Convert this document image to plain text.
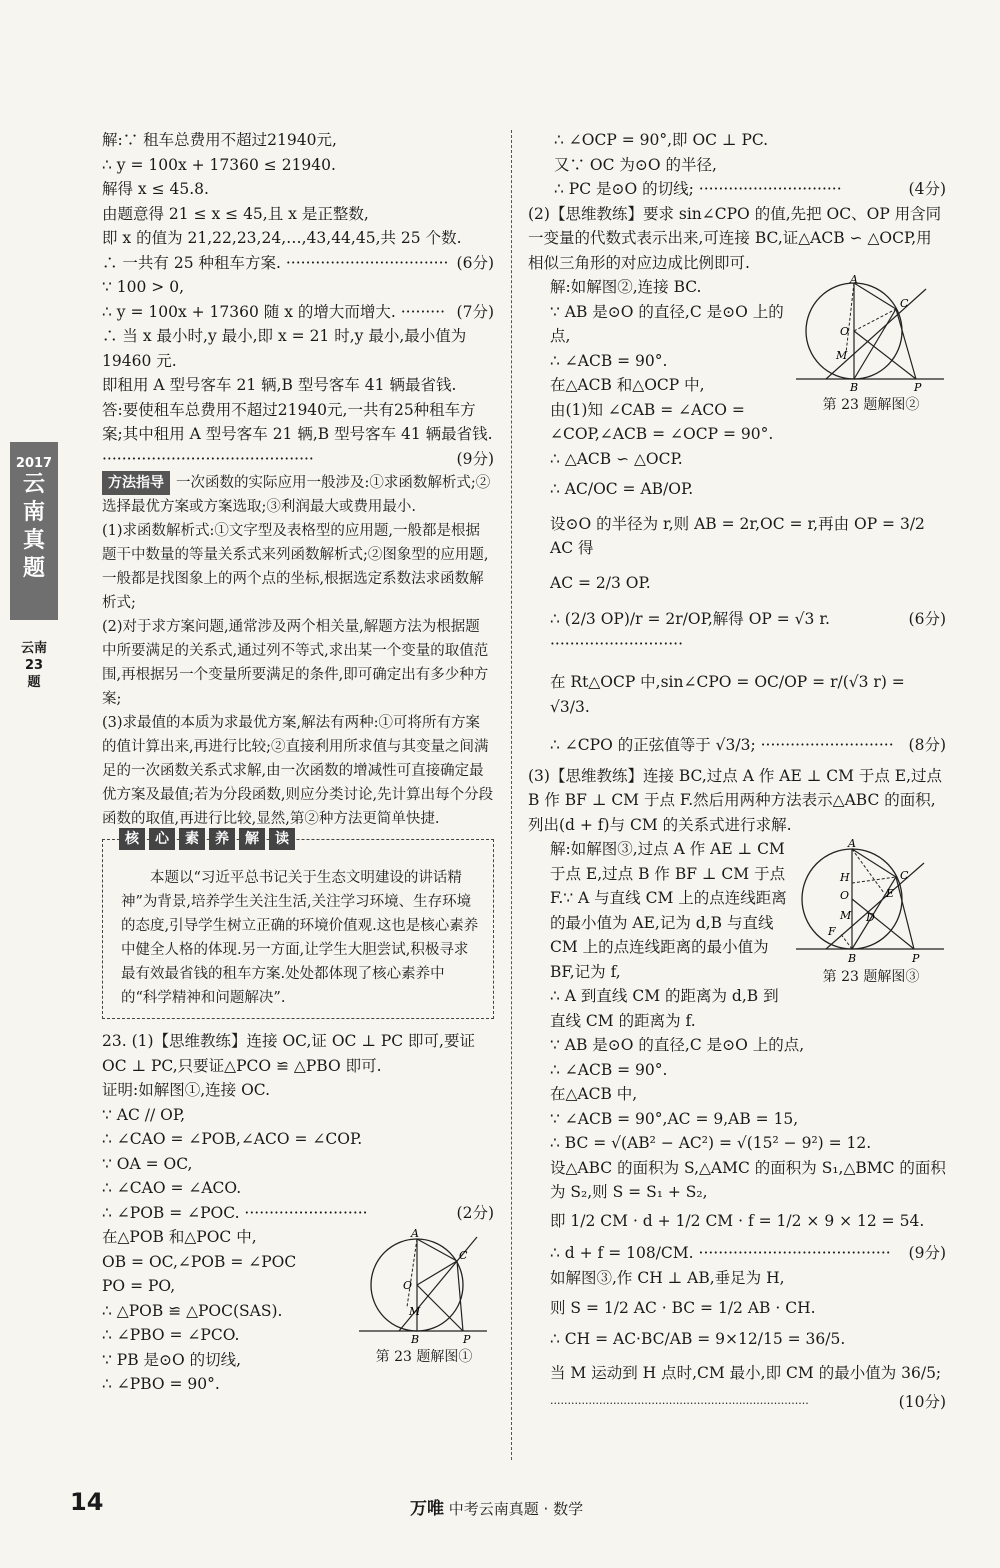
2017
云
南
真
题
云南
23
题

解:∵ 租车总费用不超过21940元,

∴ y = 100x + 17360 ≤ 21940.

解得 x ≤ 45.8.

由题意得 21 ≤ x ≤ 45,且 x 是正整数,

即 x 的值为 21,22,23,24,…,43,44,45,共 25 个数.

(6分)
∴ 一共有 25 种租车方案. ·································

∵ 100 > 0,

(7分)
∴ y = 100x + 17360 随 x 的增大而增大. ·········

∴ 当 x 最小时,y 最小,即 x = 21 时,y 最小,最小值为 19460 元.

即租用 A 型号客车 21 辆,B 型号客车 41 辆最省钱.

答:要使租车总费用不超过21940元,一共有25种租车方案;其中租用 A 型号客车 21 辆,B 型号客车 41 辆最省钱. ···········································	(9分)

方法指导 一次函数的实际应用一般涉及:①求函数解析式;②选择最优方案或方案选取;③利润最大或费用最小.

(1)求函数解析式:①文字型及表格型的应用题,一般都是根据题干中数量的等量关系式来列函数解析式;②图象型的应用题,一般都是找图象上的两个点的坐标,根据选定系数法求函数解析式;

(2)对于求方案问题,通常涉及两个相关量,解题方法为根据题中所要满足的关系式,通过列不等式,求出某一个变量的取值范围,再根据另一个变量所要满足的条件,即可确定出有多少种方案;

(3)求最值的本质为求最优方案,解法有两种:①可将所有方案的值计算出来,再进行比较;②直接利用所求值与其变量之间满足的一次函数关系式求解,由一次函数的增减性可直接确定最优方案及最值;若为分段函数,则应分类讨论,先计算出每个分段函数的取值,再进行比较,显然,第②种方法更简单快捷.

核	心	素	养	解	读

本题以“习近平总书记关于生态文明建设的讲话精神”为背景,培养学生关注生活,关注学习环境、生存环境的态度,引导学生树立正确的环境价值观.这也是核心素养中健全人格的体现.另一方面,让学生大胆尝试,积极寻求最有效最省钱的租车方案.处处都体现了核心素养中的“科学精神和问题解决”.

23. (1)【思维教练】连接 OC,证 OC ⊥ PC 即可,要证 OC ⊥ PC,只要证△PCO ≌ △PBO 即可.

证明:如解图①,连接 OC.

∵ AC // OP,

∴ ∠CAO = ∠POB,∠ACO = ∠COP.

∵ OA = OC,

∴ ∠CAO = ∠ACO.

(2分)
∴ ∠POB = ∠POC. ·························

A
C
O
M
B	P
第 23 题解图①

在△POB 和△POC 中,

OB = OC,∠POB = ∠POC

PO = PO,

∴ △POB ≌ △POC(SAS).

∴ ∠PBO = ∠PCO.

∵ PB 是⊙O 的切线,

∴ ∠PBO = 90°.

∴ ∠OCP = 90°,即 OC ⊥ PC.

又∵ OC 为⊙O 的半径,

(4分)
∴ PC 是⊙O 的切线; ·····························

(2)【思维教练】要求 sin∠CPO 的值,先把 OC、OP 用含同一变量的代数式表示出来,可连接 BC,证△ACB ∽ △OCP,用相似三角形的对应边成比例即可.

A
C
O
M
B	P
第 23 题解图②

解:如解图②,连接 BC.

∵ AB 是⊙O 的直径,C 是⊙O 上的点,

∴ ∠ACB = 90°.

在△ACB 和△OCP 中,

由(1)知 ∠CAB = ∠ACO = ∠COP,∠ACB = ∠OCP = 90°.

∴ △ACB ∽ △OCP.

∴ AC/OC = AB/OP.

设⊙O 的半径为 r,则 AB = 2r,OC = r,再由 OP = 3/2 AC 得

AC = 2/3 OP.

(6分)
∴ (2/3 OP)/r = 2r/OP,解得 OP = √3 r. ···························

在 Rt△OCP 中,sin∠CPO = OC/OP = r/(√3 r) = √3/3.

(8分)
∴ ∠CPO 的正弦值等于 √3/3; ···························

(3)【思维教练】连接 BC,过点 A 作 AE ⊥ CM 于点 E,过点 B 作 BF ⊥ CM 于点 F.然后用两种方法表示△ABC 的面积,列出(d + f)与 CM 的关系式进行求解.

A
C
H
O	E
M D
F
B	P
第 23 题解图③

解:如解图③,过点 A 作 AE ⊥ CM 于点 E,过点 B 作 BF ⊥ CM 于点 F.∵ A 与直线 CM 上的点连线距离的最小值为 AE,记为 d,B 与直线 CM 上的点连线距离的最小值为 BF,记为 f,

∴ A 到直线 CM 的距离为 d,B 到直线 CM 的距离为 f.

∵ AB 是⊙O 的直径,C 是⊙O 上的点,

∴ ∠ACB = 90°.

在△ACB 中,

∵ ∠ACB = 90°,AC = 9,AB = 15,

∴ BC = √(AB² − AC²) = √(15² − 9²) = 12.

设△ABC 的面积为 S,△AMC 的面积为 S₁,△BMC 的面积为 S₂,则 S = S₁ + S₂,

即 1/2 CM · d + 1/2 CM · f = 1/2 × 9 × 12 = 54.

(9分)
∴ d + f = 108/CM. ·······································

如解图③,作 CH ⊥ AB,垂足为 H,

则 S = 1/2 AC · BC = 1/2 AB · CH.

∴ CH = AC·BC/AB = 9×12/15 = 36/5.

当 M 运动到 H 点时,CM 最小,即 CM 的最小值为 36/5;

(10分)
··········································································

14	万唯 中考云南真题 · 数学
